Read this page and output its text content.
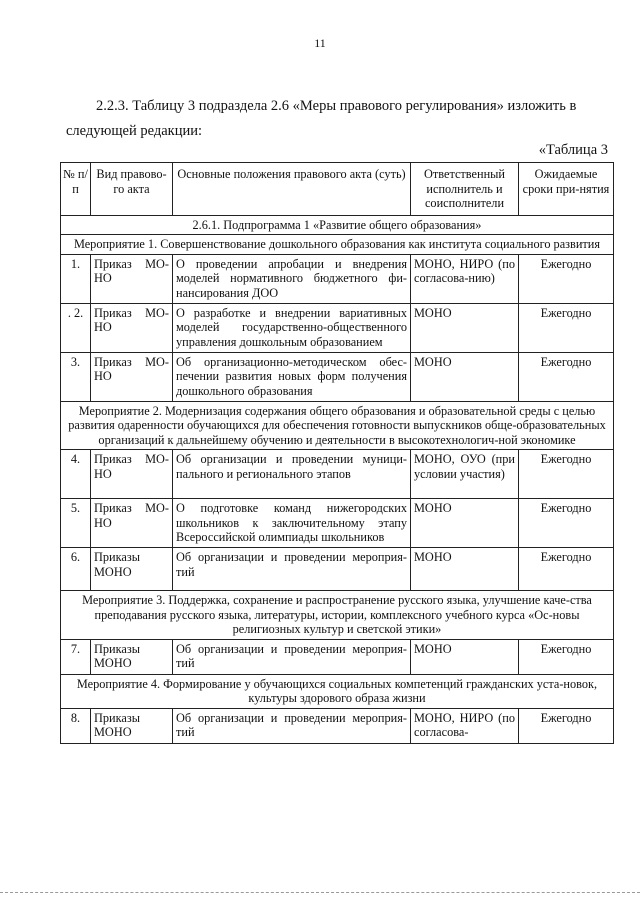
11
2.2.3. Таблицу 3 подраздела 2.6 «Меры правового регулирования» изложить в
следующей редакции:
«Таблица 3
№ п/п	Вид правово-го акта	Основные положения правового акта (суть)	Ответственный исполнитель и соисполнители	Ожидаемые сроки при-нятия
2.6.1. Подпрограмма 1 «Развитие общего образования»				
Мероприятие 1. Совершенствование дошкольного образования как института социального развития				
1.	Приказ МО-НО	О проведении апробации и внедрения моделей нормативного бюджетного фи-нансирования ДОО	МОНО, НИРО (по согласова-нию)	Ежегодно
. 2.	Приказ МО-НО	О разработке и внедрении вариативных моделей государственно-общественного управления дошкольным образованием	МОНО	Ежегодно
3.	Приказ МО-НО	Об организационно-методическом обес-печении развития новых форм получения дошкольного образования	МОНО	Ежегодно
Мероприятие 2. Модернизация содержания общего образования и образовательной среды с целью развития одаренности обучающихся для обеспечения готовности выпускников обще-образовательных организаций к дальнейшему обучению и деятельности в высокотехнологич-ной экономике				
4.	Приказ МО-НО	Об организации и проведении муници-пального и регионального этапов	МОНО, ОУО (при условии участия)	Ежегодно
5.	Приказ МО-НО	О подготовке команд нижегородских школьников к заключительному этапу Всероссийской олимпиады школьников	МОНО	Ежегодно
6.	Приказы МОНО	Об организации и проведении мероприя-тий	МОНО	Ежегодно
Мероприятие 3. Поддержка, сохранение и распространение русского языка, улучшение каче-ства преподавания русского языка, литературы, истории, комплексного учебного курса «Ос-новы религиозных культур и светской этики»				
7.	Приказы МОНО	Об организации и проведении мероприя-тий	МОНО	Ежегодно
Мероприятие 4. Формирование у обучающихся социальных компетенций гражданских уста-новок, культуры здорового образа жизни				
8.	Приказы МОНО	Об организации и проведении мероприя-тий	МОНО, НИРО (по согласова-	Ежегодно
